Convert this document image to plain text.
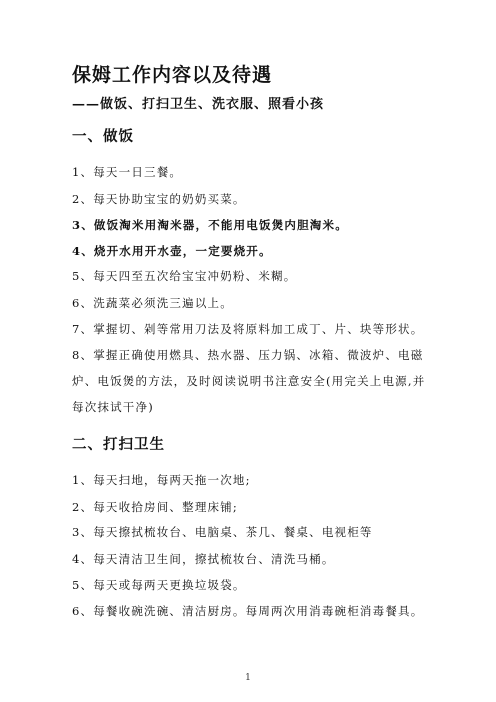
保姆工作内容以及待遇
——做饭、打扫卫生、洗衣服、照看小孩
一、做饭
1、每天一日三餐。
2、每天协助宝宝的奶奶买菜。
3、做饭淘米用淘米器，不能用电饭煲内胆淘米。
4、烧开水用开水壶，一定要烧开。
5、每天四至五次给宝宝冲奶粉、米糊。
6、洗蔬菜必须洗三遍以上。
7、掌握切、剁等常用刀法及将原料加工成丁、片、块等形状。
8、掌握正确使用燃具、热水器、压力锅、冰箱、微波炉、电磁炉、电饭煲的方法，及时阅读说明书注意安全(用完关上电源,并每次抹试干净)
二、打扫卫生
1、每天扫地，每两天拖一次地;
2、每天收拾房间、整理床铺;
3、每天擦拭梳妆台、电脑桌、茶几、餐桌、电视柜等
4、每天清洁卫生间，擦拭梳妆台、清洗马桶。
5、每天或每两天更换垃圾袋。
6、每餐收碗洗碗、清洁厨房。每周两次用消毒碗柜消毒餐具。
1
